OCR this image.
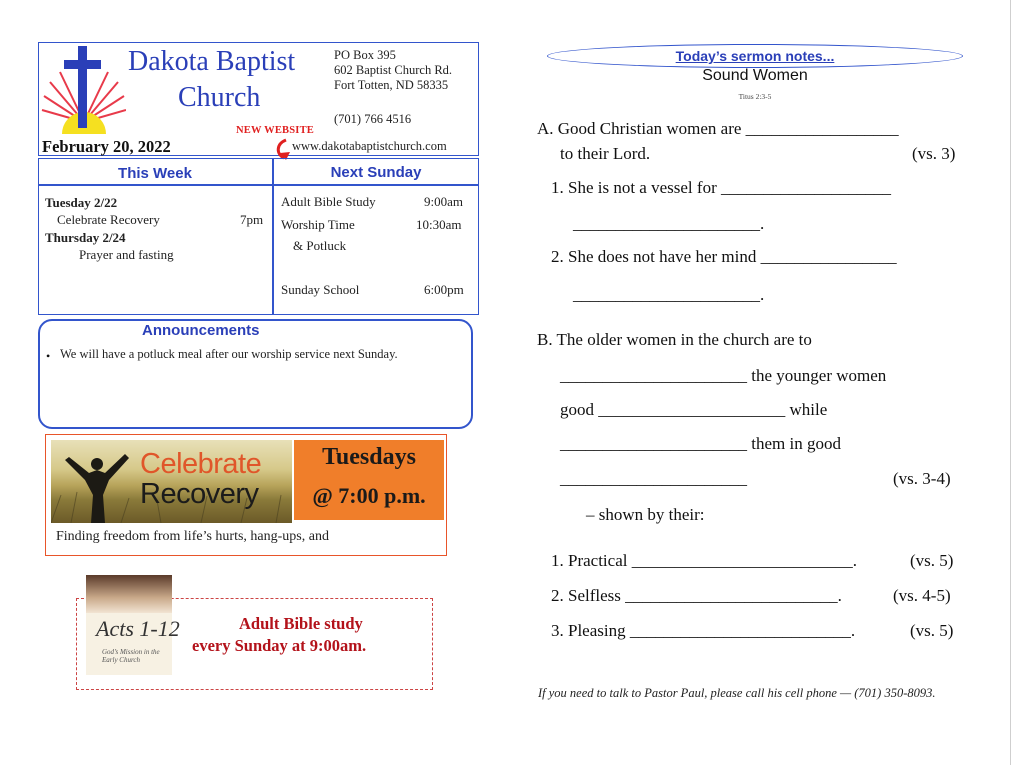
Dakota Baptist
Church
PO Box 395
602 Baptist Church Rd.
Fort Totten, ND 58335
(701) 766 4516
NEW WEBSITE
www.dakotabaptistchurch.com
February 20, 2022
This Week	Next Sunday
Tuesday 2/22
Celebrate Recovery	7pm
Thursday 2/24
Prayer and fasting
Adult Bible Study	9:00am
Worship Time	10:30am
& Potluck
Sunday School	6:00pm
Announcements
• We will have a potluck meal after our worship service next Sunday.
Celebrate
Recovery
Tuesdays
@ 7:00 p.m.
Finding freedom from life’s hurts, hang-ups, and
Acts 1-12
God’s Mission in the Early Church
Adult Bible study
every Sunday at 9:00am.
Today’s sermon notes...
Sound Women
Titus 2:3-5
A. Good Christian women are __________________
to their Lord.	(vs. 3)
1. She is not a vessel for ____________________
______________________.
2. She does not have her mind ________________
______________________.
B. The older women in the church are to
______________________ the younger women
good ______________________ while
______________________ them in good
______________________	(vs. 3-4)
– shown by their:
1. Practical __________________________.	(vs. 5)
2. Selfless _________________________.	(vs. 4-5)
3. Pleasing __________________________.	(vs. 5)
If you need to talk to Pastor Paul, please call his cell phone — (701) 350-8093.
